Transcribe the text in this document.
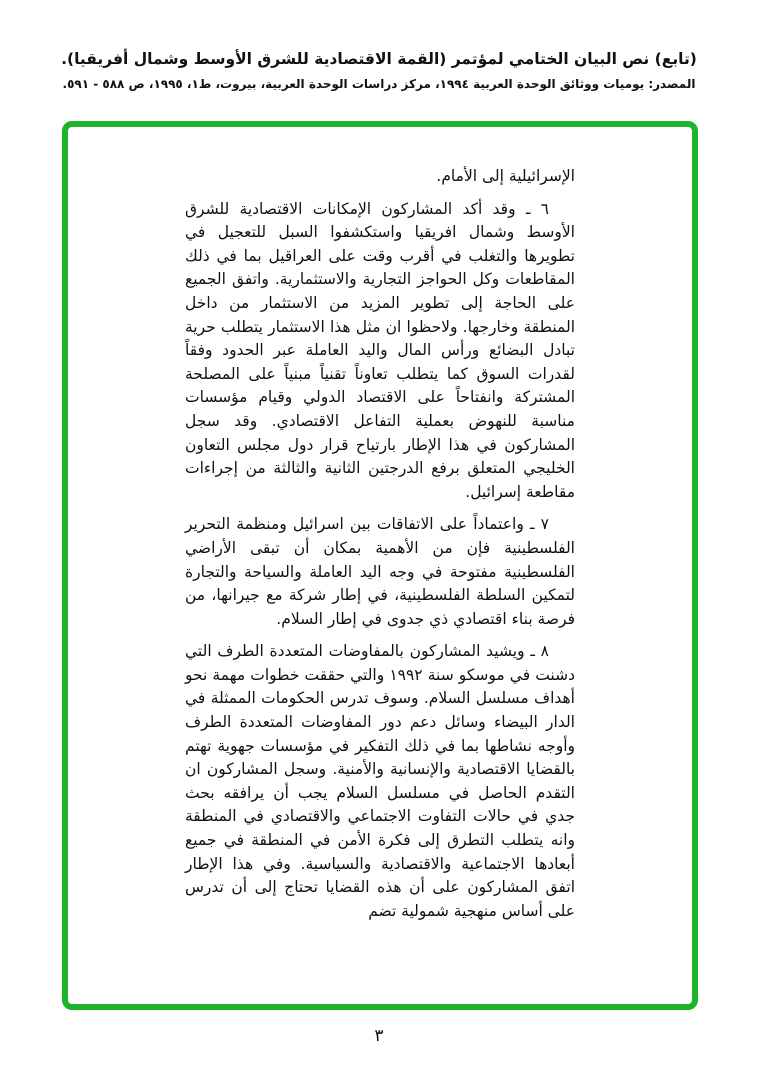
(تابع) نص البيان الختامي لمؤتمر (القمة الاقتصادية للشرق الأوسط وشمال أفريقيا).

المصدر: يوميات ووثائق الوحدة العربية ١٩٩٤، مركز دراسات الوحدة العربية، بيروت، ط١، ١٩٩٥، ص ٥٨٨ - ٥٩١.

الإسرائيلية إلى الأمام.

٦ ـ وقد أكد المشاركون الإمكانات الاقتصادية للشرق الأوسط وشمال افريقيا واستكشفوا السبل للتعجيل في تطويرها والتغلب في أقرب وقت على العراقيل بما في ذلك المقاطعات وكل الحواجز التجارية والاستثمارية. واتفق الجميع على الحاجة إلى تطوير المزيد من الاستثمار من داخل المنطقة وخارجها. ولاحظوا ان مثل هذا الاستثمار يتطلب حرية تبادل البضائع ورأس المال واليد العاملة عبر الحدود وفقاً لقدرات السوق كما يتطلب تعاوناً تقنياً مبنياً على المصلحة المشتركة وانفتاحاً على الاقتصاد الدولي وقيام مؤسسات مناسبة للنهوض بعملية التفاعل الاقتصادي. وقد سجل المشاركون في هذا الإطار بارتياح قرار دول مجلس التعاون الخليجي المتعلق برفع الدرجتين الثانية والثالثة من إجراءات مقاطعة إسرائيل.

٧ ـ واعتماداً على الاتفاقات بين اسرائيل ومنظمة التحرير الفلسطينية فإن من الأهمية بمكان أن تبقى الأراضي الفلسطينية مفتوحة في وجه اليد العاملة والسياحة والتجارة لتمكين السلطة الفلسطينية، في إطار شركة مع جيرانها، من فرصة بناء اقتصادي ذي جدوى في إطار السلام.

٨ ـ ويشيد المشاركون بالمفاوضات المتعددة الطرف التي دشنت في موسكو سنة ١٩٩٢ والتي حققت خطوات مهمة نحو أهداف مسلسل السلام. وسوف تدرس الحكومات الممثلة في الدار البيضاء وسائل دعم دور المفاوضات المتعددة الطرف وأوجه نشاطها بما في ذلك التفكير في مؤسسات جهوية تهتم بالقضايا الاقتصادية والإنسانية والأمنية. وسجل المشاركون ان التقدم الحاصل في مسلسل السلام يجب أن يرافقه بحث جدي في حالات التفاوت الاجتماعي والاقتصادي في المنطقة وانه يتطلب التطرق إلى فكرة الأمن في المنطقة في جميع أبعادها الاجتماعية والاقتصادية والسياسية. وفي هذا الإطار اتفق المشاركون على أن هذه القضايا تحتاج إلى أن تدرس على أساس منهجية شمولية تضم

٣
